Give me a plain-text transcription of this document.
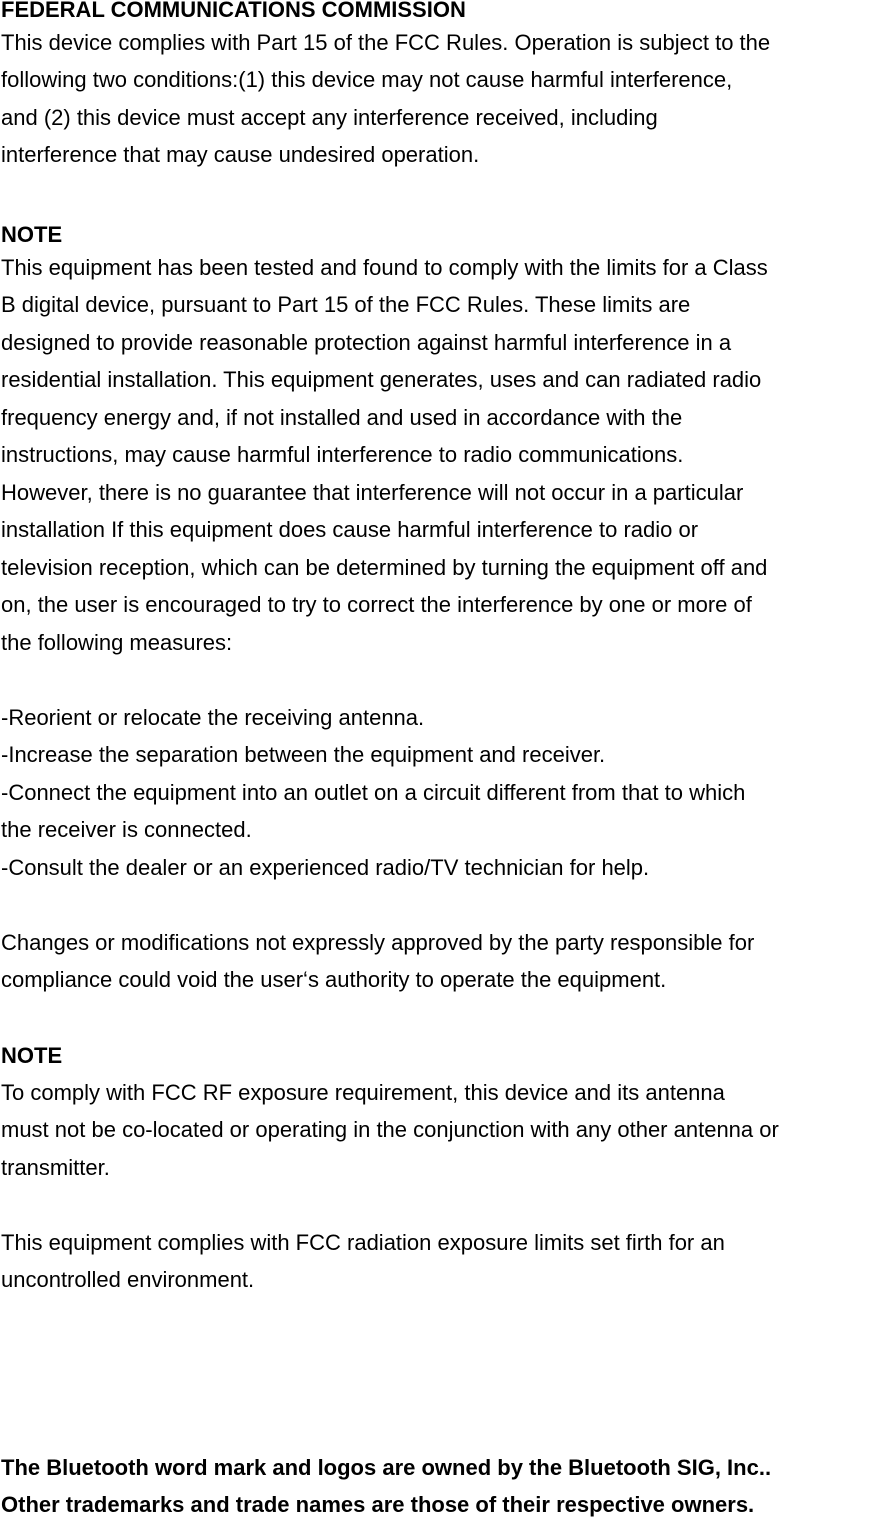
FEDERAL COMMUNICATIONS COMMISSION
This device complies with Part 15 of the FCC Rules. Operation is subject to the
following two conditions:(1) this device may not cause harmful interference,
and (2) this device must accept any interference received, including
interference that may cause undesired operation.
NOTE
This equipment has been tested and found to comply with the limits for a Class
B digital device, pursuant to Part 15 of the FCC Rules. These limits are
designed to provide reasonable protection against harmful interference in a
residential installation. This equipment generates, uses and can radiated radio
frequency energy and, if not installed and used in accordance with the
instructions, may cause harmful interference to radio communications.
However, there is no guarantee that interference will not occur in a particular
installation If this equipment does cause harmful interference to radio or
television reception, which can be determined by turning the equipment off and
on, the user is encouraged to try to correct the interference by one or more of
the following measures:
-Reorient or relocate the receiving antenna.
-Increase the separation between the equipment and receiver.
-Connect the equipment into an outlet on a circuit different from that to which
the receiver is connected.
-Consult the dealer or an experienced radio/TV technician for help.
Changes or modifications not expressly approved by the party responsible for
compliance could void the user‘s authority to operate the equipment.
NOTE
To comply with FCC RF exposure requirement, this device and its antenna
must not be co-located or operating in the conjunction with any other antenna or
transmitter.
This equipment complies with FCC radiation exposure limits set firth for an
uncontrolled environment.
The Bluetooth word mark and logos are owned by the Bluetooth SIG, Inc..
Other trademarks and trade names are those of their respective owners.
